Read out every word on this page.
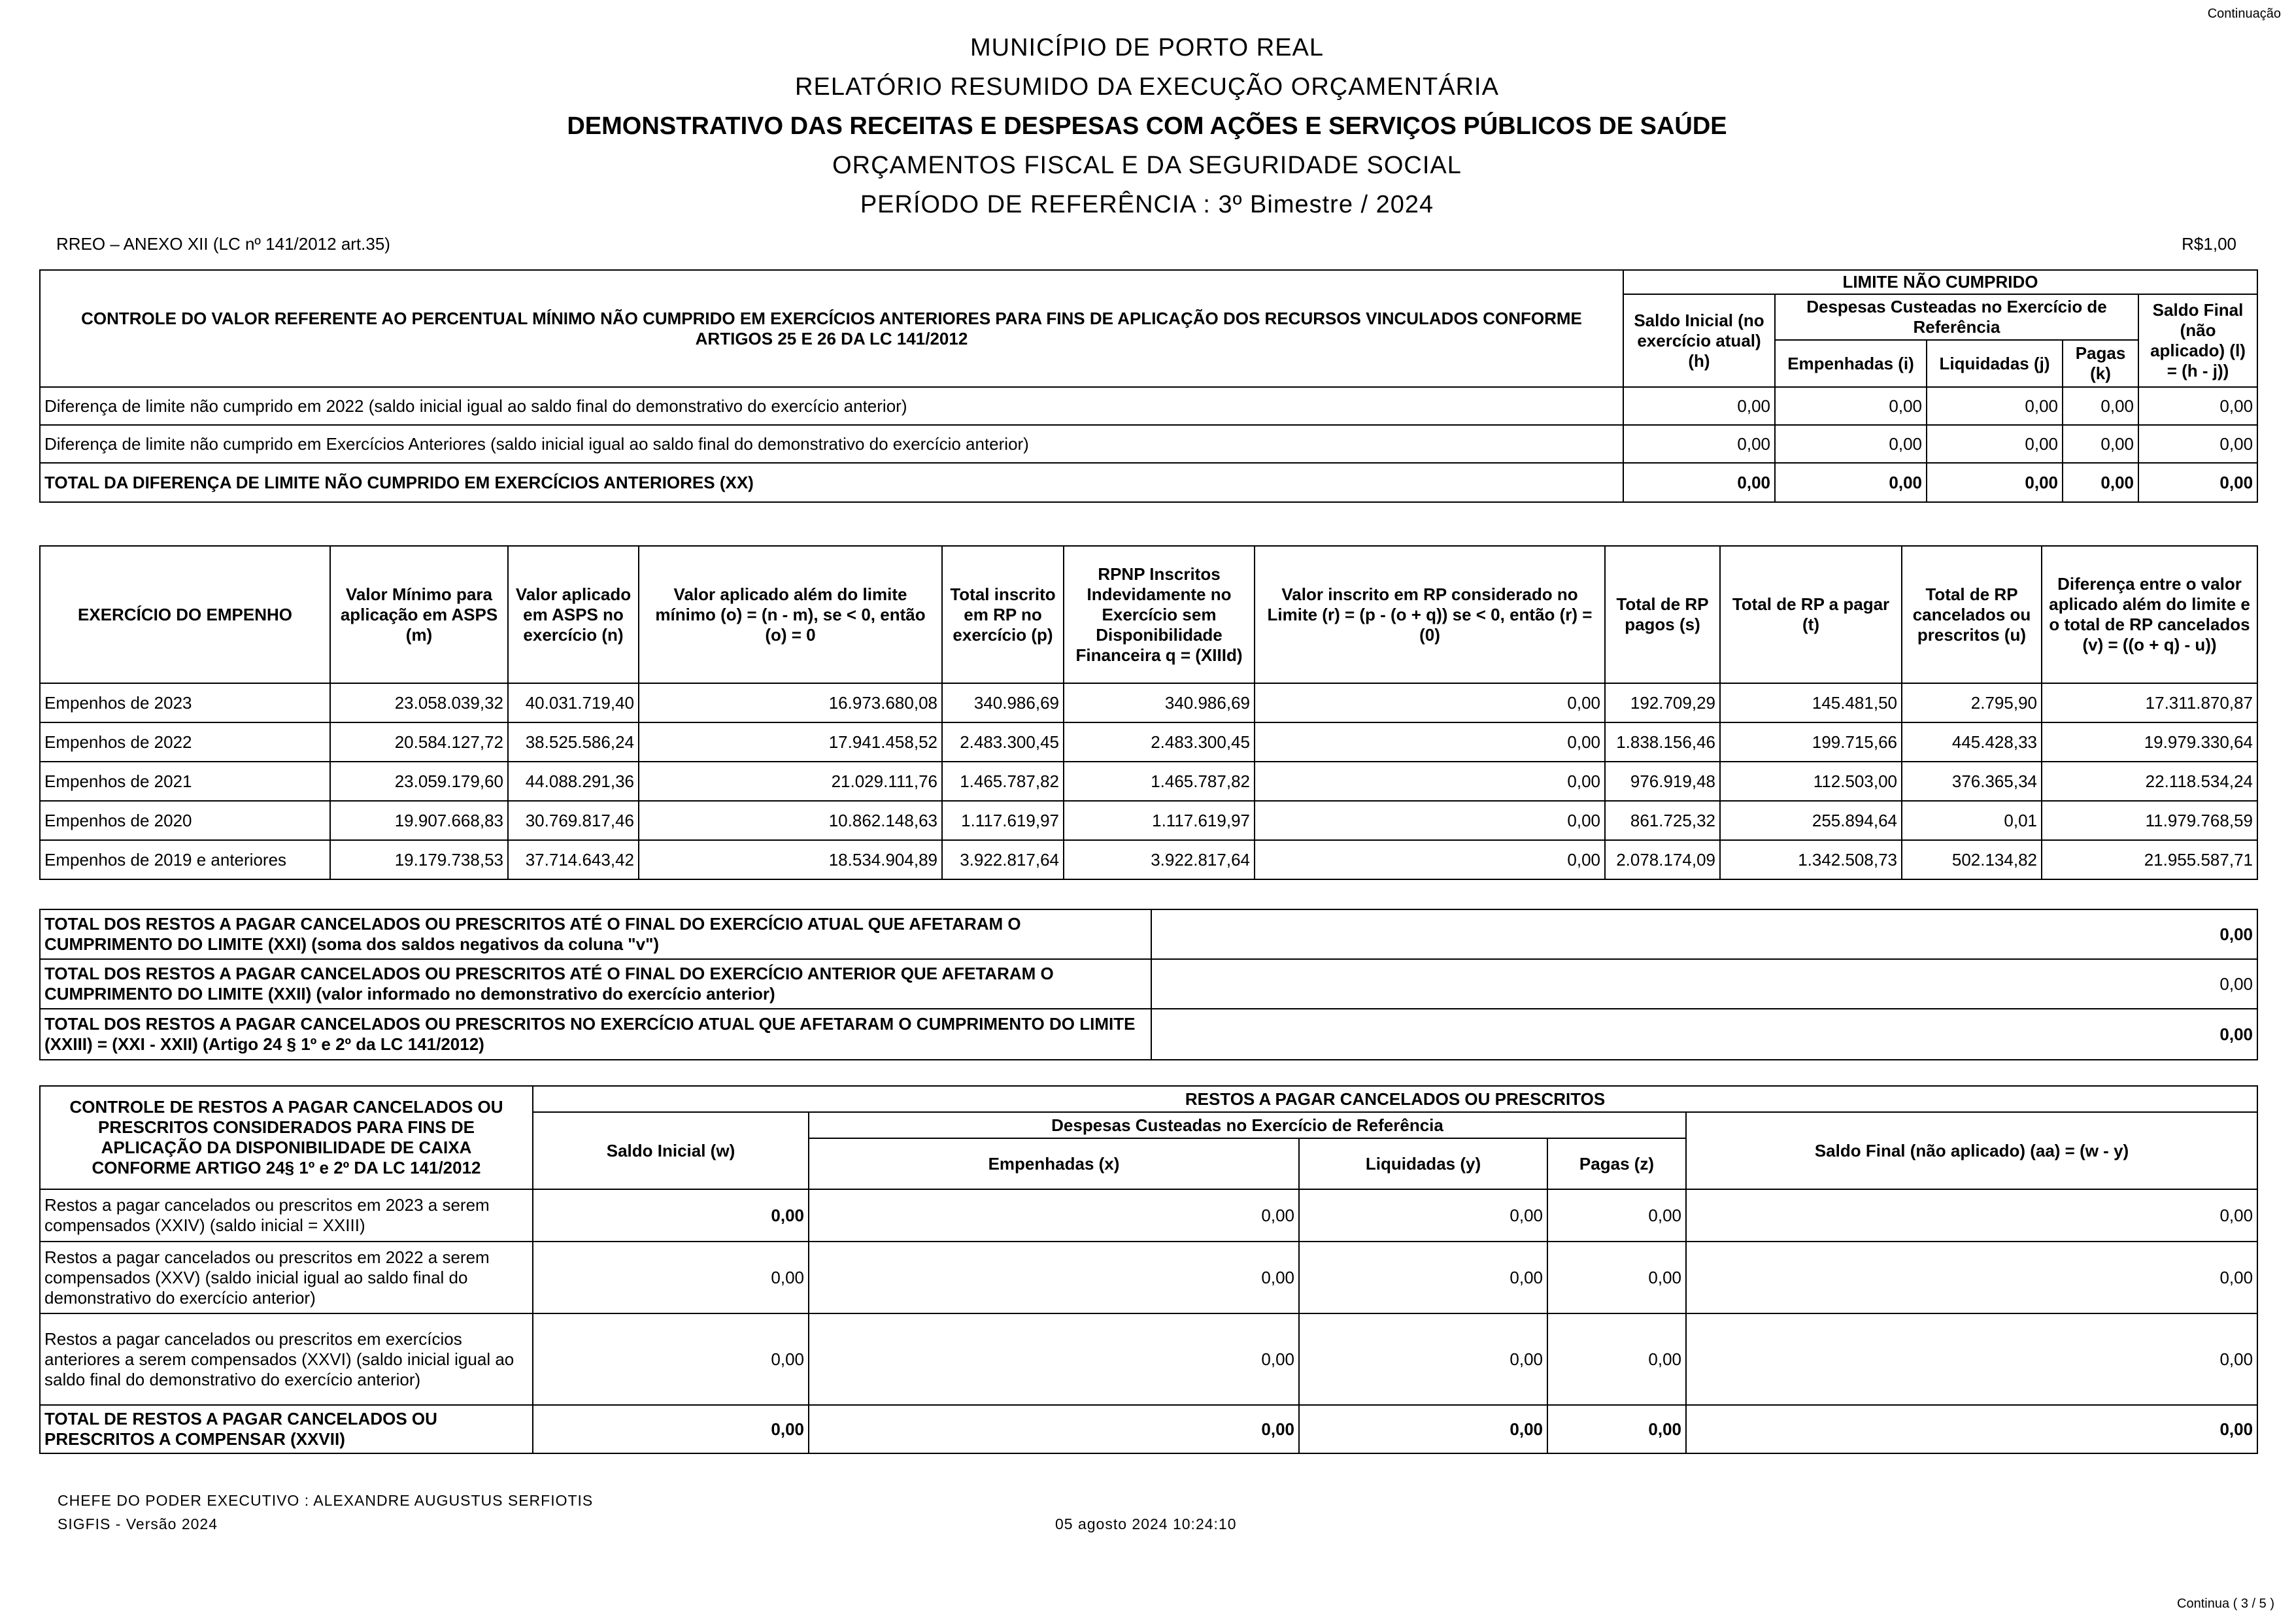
Continuação
MUNICÍPIO DE PORTO REAL
RELATÓRIO RESUMIDO DA EXECUÇÃO ORÇAMENTÁRIA
DEMONSTRATIVO DAS RECEITAS E DESPESAS COM AÇÕES E SERVIÇOS PÚBLICOS DE SAÚDE
ORÇAMENTOS FISCAL E DA SEGURIDADE SOCIAL
PERÍODO DE REFERÊNCIA : 3º Bimestre / 2024
RREO – ANEXO XII (LC nº 141/2012 art.35)	R$1,00
CONTROLE DO VALOR REFERENTE AO PERCENTUAL MÍNIMO NÃO CUMPRIDO EM EXERCÍCIOS ANTERIORES PARA FINS DE APLICAÇÃO DOS RECURSOS VINCULADOS CONFORME ARTIGOS 25 E 26 DA LC 141/2012	LIMITE NÃO CUMPRIDO				
	Saldo Inicial (no exercício atual) (h)	Despesas Custeadas no Exercício de Referência			Saldo Final (não aplicado) (l) = (h - j))
		Empenhadas (i)	Liquidadas (j)	Pagas (k)	
Diferença de limite não cumprido em 2022 (saldo inicial igual ao saldo final do demonstrativo do exercício anterior)	0,00	0,00	0,00	0,00	0,00
Diferença de limite não cumprido em Exercícios Anteriores (saldo inicial igual ao saldo final do demonstrativo do exercício anterior)	0,00	0,00	0,00	0,00	0,00
TOTAL DA DIFERENÇA DE LIMITE NÃO CUMPRIDO EM EXERCÍCIOS ANTERIORES (XX)	0,00	0,00	0,00	0,00	0,00
EXERCÍCIO DO EMPENHO	Valor Mínimo para aplicação em ASPS (m)	Valor aplicado em ASPS no exercício (n)	Valor aplicado além do limite mínimo (o) = (n - m), se < 0, então (o) = 0	Total inscrito em RP no exercício (p)	RPNP Inscritos Indevidamente no Exercício sem Disponibilidade Financeira q = (XIIId)	Valor inscrito em RP considerado no Limite (r) = (p - (o + q)) se < 0, então (r) = (0)	Total de RP pagos (s)	Total de RP a pagar (t)	Total de RP cancelados ou prescritos (u)	Diferença entre o valor aplicado além do limite e o total de RP cancelados (v) = ((o + q) - u))
Empenhos de 2023	23.058.039,32	40.031.719,40	16.973.680,08	340.986,69	340.986,69	0,00	192.709,29	145.481,50	2.795,90	17.311.870,87
Empenhos de 2022	20.584.127,72	38.525.586,24	17.941.458,52	2.483.300,45	2.483.300,45	0,00	1.838.156,46	199.715,66	445.428,33	19.979.330,64
Empenhos de 2021	23.059.179,60	44.088.291,36	21.029.111,76	1.465.787,82	1.465.787,82	0,00	976.919,48	112.503,00	376.365,34	22.118.534,24
Empenhos de 2020	19.907.668,83	30.769.817,46	10.862.148,63	1.117.619,97	1.117.619,97	0,00	861.725,32	255.894,64	0,01	11.979.768,59
Empenhos de 2019 e anteriores	19.179.738,53	37.714.643,42	18.534.904,89	3.922.817,64	3.922.817,64	0,00	2.078.174,09	1.342.508,73	502.134,82	21.955.587,71
TOTAL DOS RESTOS A PAGAR CANCELADOS OU PRESCRITOS ATÉ O FINAL DO EXERCÍCIO ATUAL QUE AFETARAM O CUMPRIMENTO DO LIMITE (XXI) (soma dos saldos negativos da coluna "v")	0,00
TOTAL DOS RESTOS A PAGAR CANCELADOS OU PRESCRITOS ATÉ O FINAL DO EXERCÍCIO ANTERIOR QUE AFETARAM O CUMPRIMENTO DO LIMITE (XXII) (valor informado no demonstrativo do exercício anterior)	0,00
TOTAL DOS RESTOS A PAGAR CANCELADOS OU PRESCRITOS NO EXERCÍCIO ATUAL QUE AFETARAM O CUMPRIMENTO DO LIMITE (XXIII) = (XXI - XXII) (Artigo 24 § 1º e 2º da LC 141/2012)	0,00
CONTROLE DE RESTOS A PAGAR CANCELADOS OU PRESCRITOS CONSIDERADOS PARA FINS DE APLICAÇÃO DA DISPONIBILIDADE DE CAIXA CONFORME ARTIGO 24§ 1º e 2º DA LC 141/2012	RESTOS A PAGAR CANCELADOS OU PRESCRITOS				
	Saldo Inicial (w)	Despesas Custeadas no Exercício de Referência			Saldo Final (não aplicado) (aa) = (w - y)
		Empenhadas (x)	Liquidadas (y)	Pagas (z)	
Restos a pagar cancelados ou prescritos em 2023 a serem compensados (XXIV) (saldo inicial = XXIII)	0,00	0,00	0,00	0,00	0,00
Restos a pagar cancelados ou prescritos em 2022 a serem compensados (XXV) (saldo inicial igual ao saldo final do demonstrativo do exercício anterior)	0,00	0,00	0,00	0,00	0,00
Restos a pagar cancelados ou prescritos em exercícios anteriores a serem compensados (XXVI) (saldo inicial igual ao saldo final do demonstrativo do exercício anterior)	0,00	0,00	0,00	0,00	0,00
TOTAL DE RESTOS A PAGAR CANCELADOS OU PRESCRITOS A COMPENSAR (XXVII)	0,00	0,00	0,00	0,00	0,00
CHEFE DO PODER EXECUTIVO : ALEXANDRE AUGUSTUS SERFIOTIS
SIGFIS - Versão 2024	05 agosto 2024 10:24:10
Continua ( 3 / 5 )
